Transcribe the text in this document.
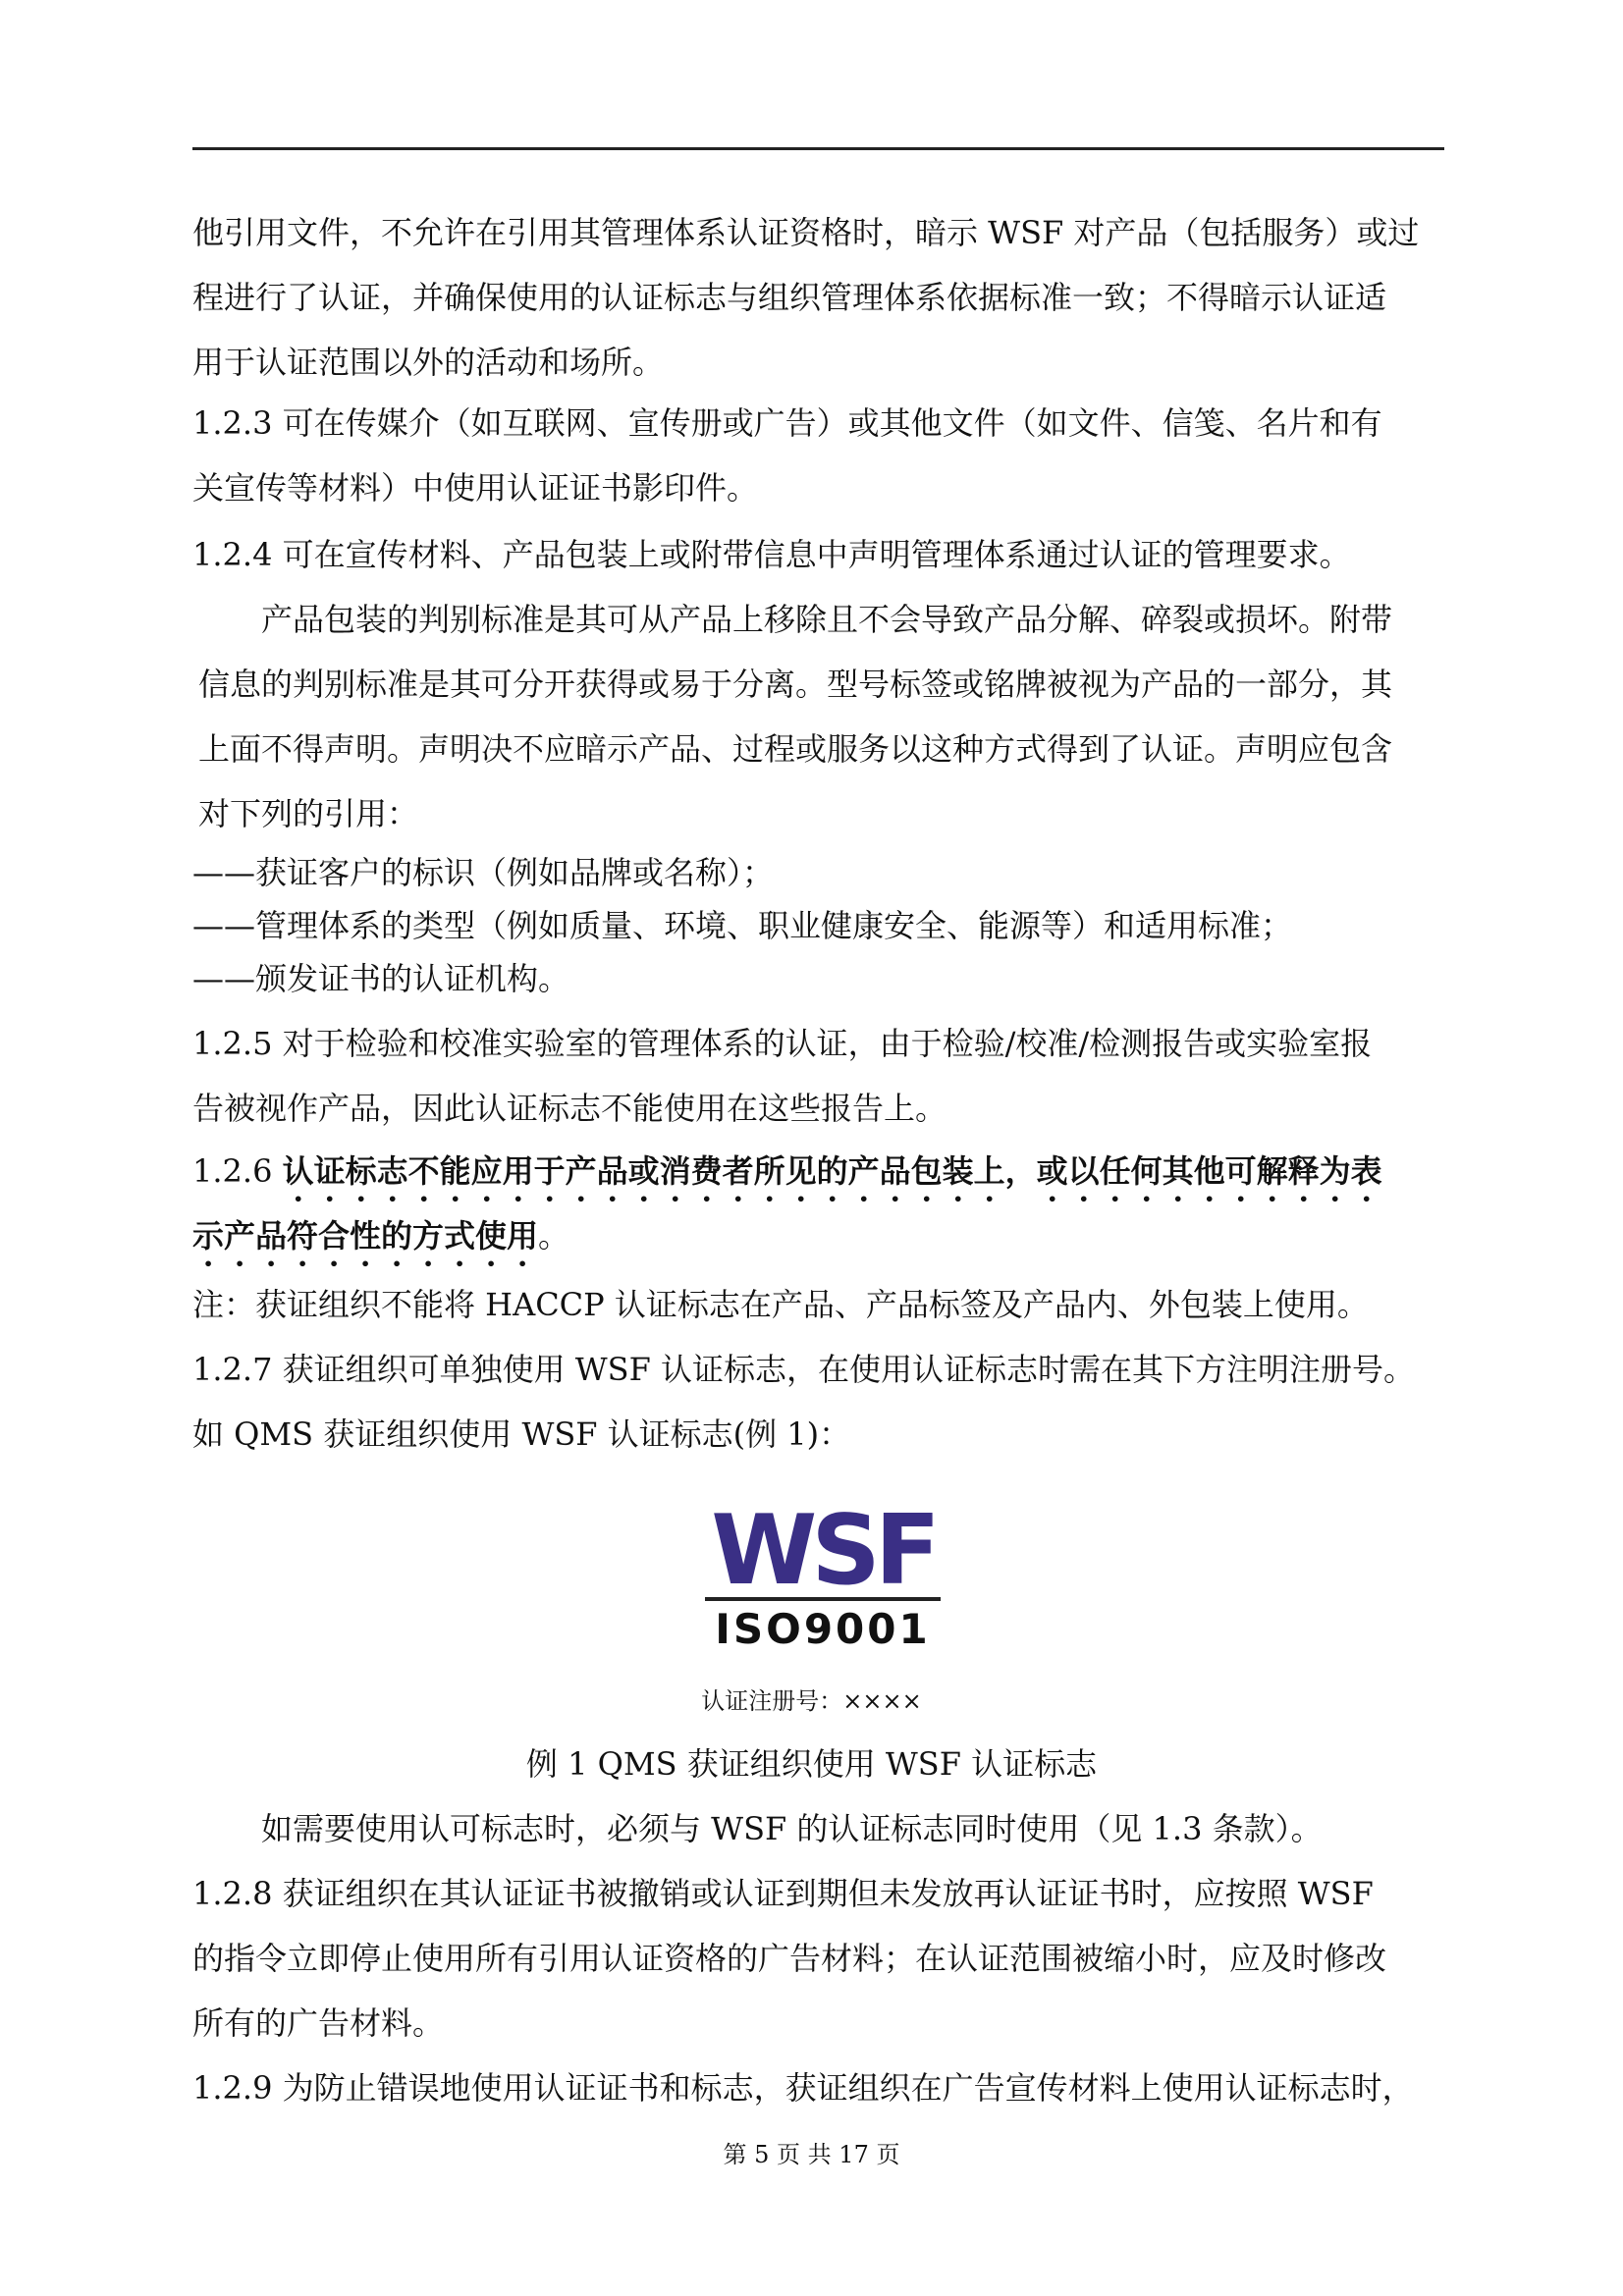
他引用文件，不允许在引用其管理体系认证资格时，暗示 WSF 对产品（包括服务）或过
程进行了认证，并确保使用的认证标志与组织管理体系依据标准一致；不得暗示认证适
用于认证范围以外的活动和场所。

1.2.3 可在传媒介（如互联网、宣传册或广告）或其他文件（如文件、信笺、名片和有
关宣传等材料）中使用认证证书影印件。

1.2.4 可在宣传材料、产品包装上或附带信息中声明管理体系通过认证的管理要求。

产品包装的判别标准是其可从产品上移除且不会导致产品分解、碎裂或损坏。附带
信息的判别标准是其可分开获得或易于分离。型号标签或铭牌被视为产品的一部分，其
上面不得声明。声明决不应暗示产品、过程或服务以这种方式得到了认证。声明应包含
对下列的引用：

——获证客户的标识（例如品牌或名称）；
——管理体系的类型（例如质量、环境、职业健康安全、能源等）和适用标准；
——颁发证书的认证机构。

1.2.5 对于检验和校准实验室的管理体系的认证，由于检验/校准/检测报告或实验室报
告被视作产品，因此认证标志不能使用在这些报告上。

1.2.6 认证标志不能应用于产品或消费者所见的产品包装上，或以任何其他可解释为表
示产品符合性的方式使用。

注：获证组织不能将 HACCP 认证标志在产品、产品标签及产品内、外包装上使用。

1.2.7 获证组织可单独使用 WSF 认证标志，在使用认证标志时需在其下方注明注册号。
如 QMS 获证组织使用 WSF 认证标志(例 1)：

WSF
ISO9001
认证注册号：××××
例 1 QMS 获证组织使用 WSF 认证标志

如需要使用认可标志时，必须与 WSF 的认证标志同时使用（见 1.3 条款）。

1.2.8 获证组织在其认证证书被撤销或认证到期但未发放再认证证书时，应按照 WSF
的指令立即停止使用所有引用认证资格的广告材料；在认证范围被缩小时，应及时修改
所有的广告材料。

1.2.9 为防止错误地使用认证证书和标志，获证组织在广告宣传材料上使用认证标志时，

第 5 页 共 17 页
